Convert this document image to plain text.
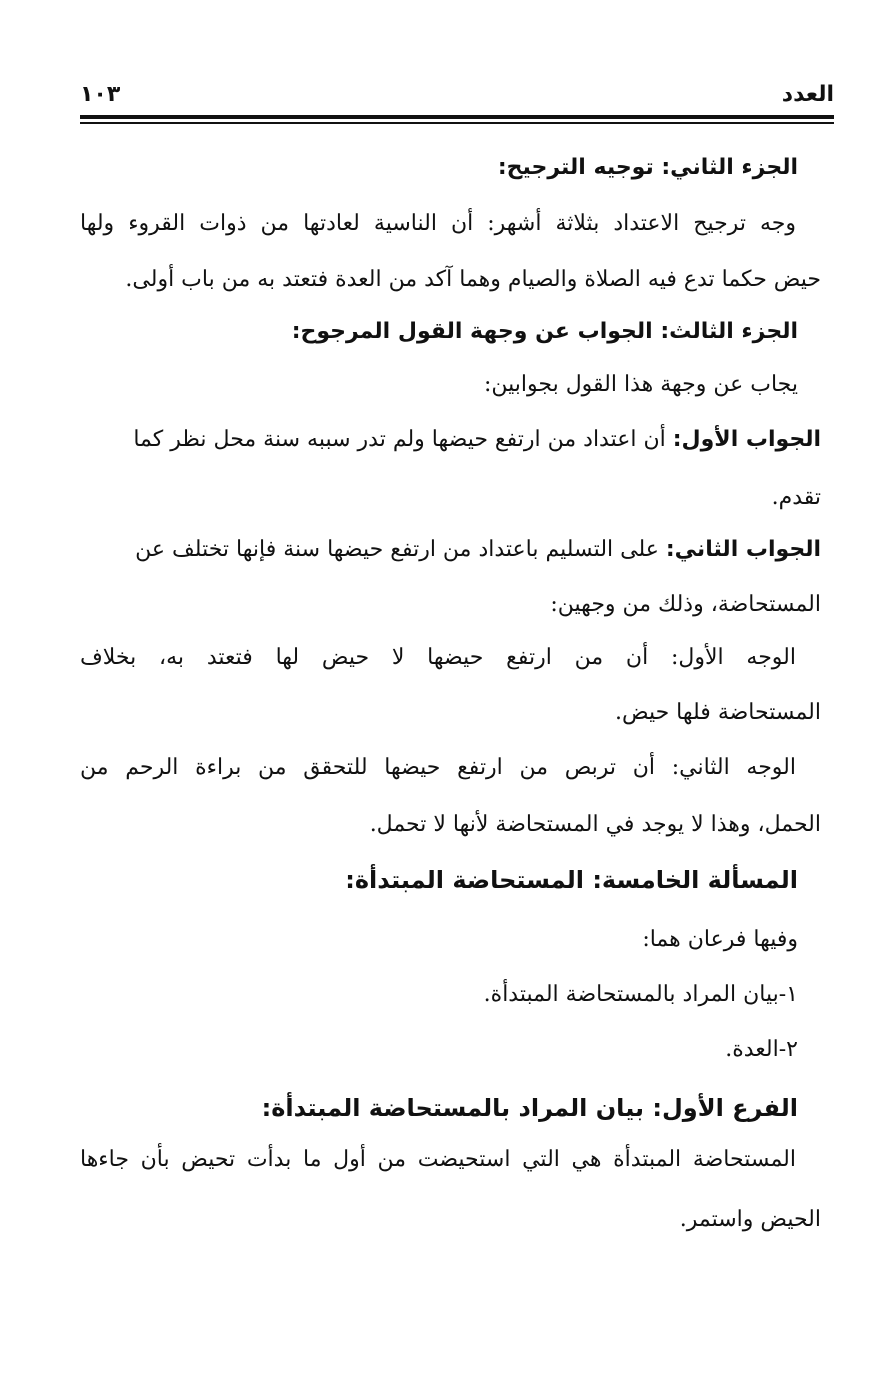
العدد
١٠٣
الجزء الثاني: توجيه الترجيح:
وجه ترجيح الاعتداد بثلاثة أشهر: أن الناسية لعادتها من ذوات القروء ولها
حيض حكما تدع فيه الصلاة والصيام وهما آكد من العدة فتعتد به من باب أولى.
الجزء الثالث: الجواب عن وجهة القول المرجوح:
يجاب عن وجهة هذا القول بجوابين:
الجواب الأول: أن اعتداد من ارتفع حيضها ولم تدر سببه سنة محل نظر كما
تقدم.
الجواب الثاني: على التسليم باعتداد من ارتفع حيضها سنة فإنها تختلف عن
المستحاضة، وذلك من وجهين:
الوجه الأول: أن من ارتفع حيضها لا حيض لها فتعتد به، بخلاف
المستحاضة فلها حيض.
الوجه الثاني: أن تربص من ارتفع حيضها للتحقق من براءة الرحم من
الحمل، وهذا لا يوجد في المستحاضة لأنها لا تحمل.
المسألة الخامسة: المستحاضة المبتدأة:
وفيها فرعان هما:
١-بيان المراد بالمستحاضة المبتدأة.
٢-العدة.
الفرع الأول: بيان المراد بالمستحاضة المبتدأة:
المستحاضة المبتدأة هي التي استحيضت من أول ما بدأت تحيض بأن جاءها
الحيض واستمر.
